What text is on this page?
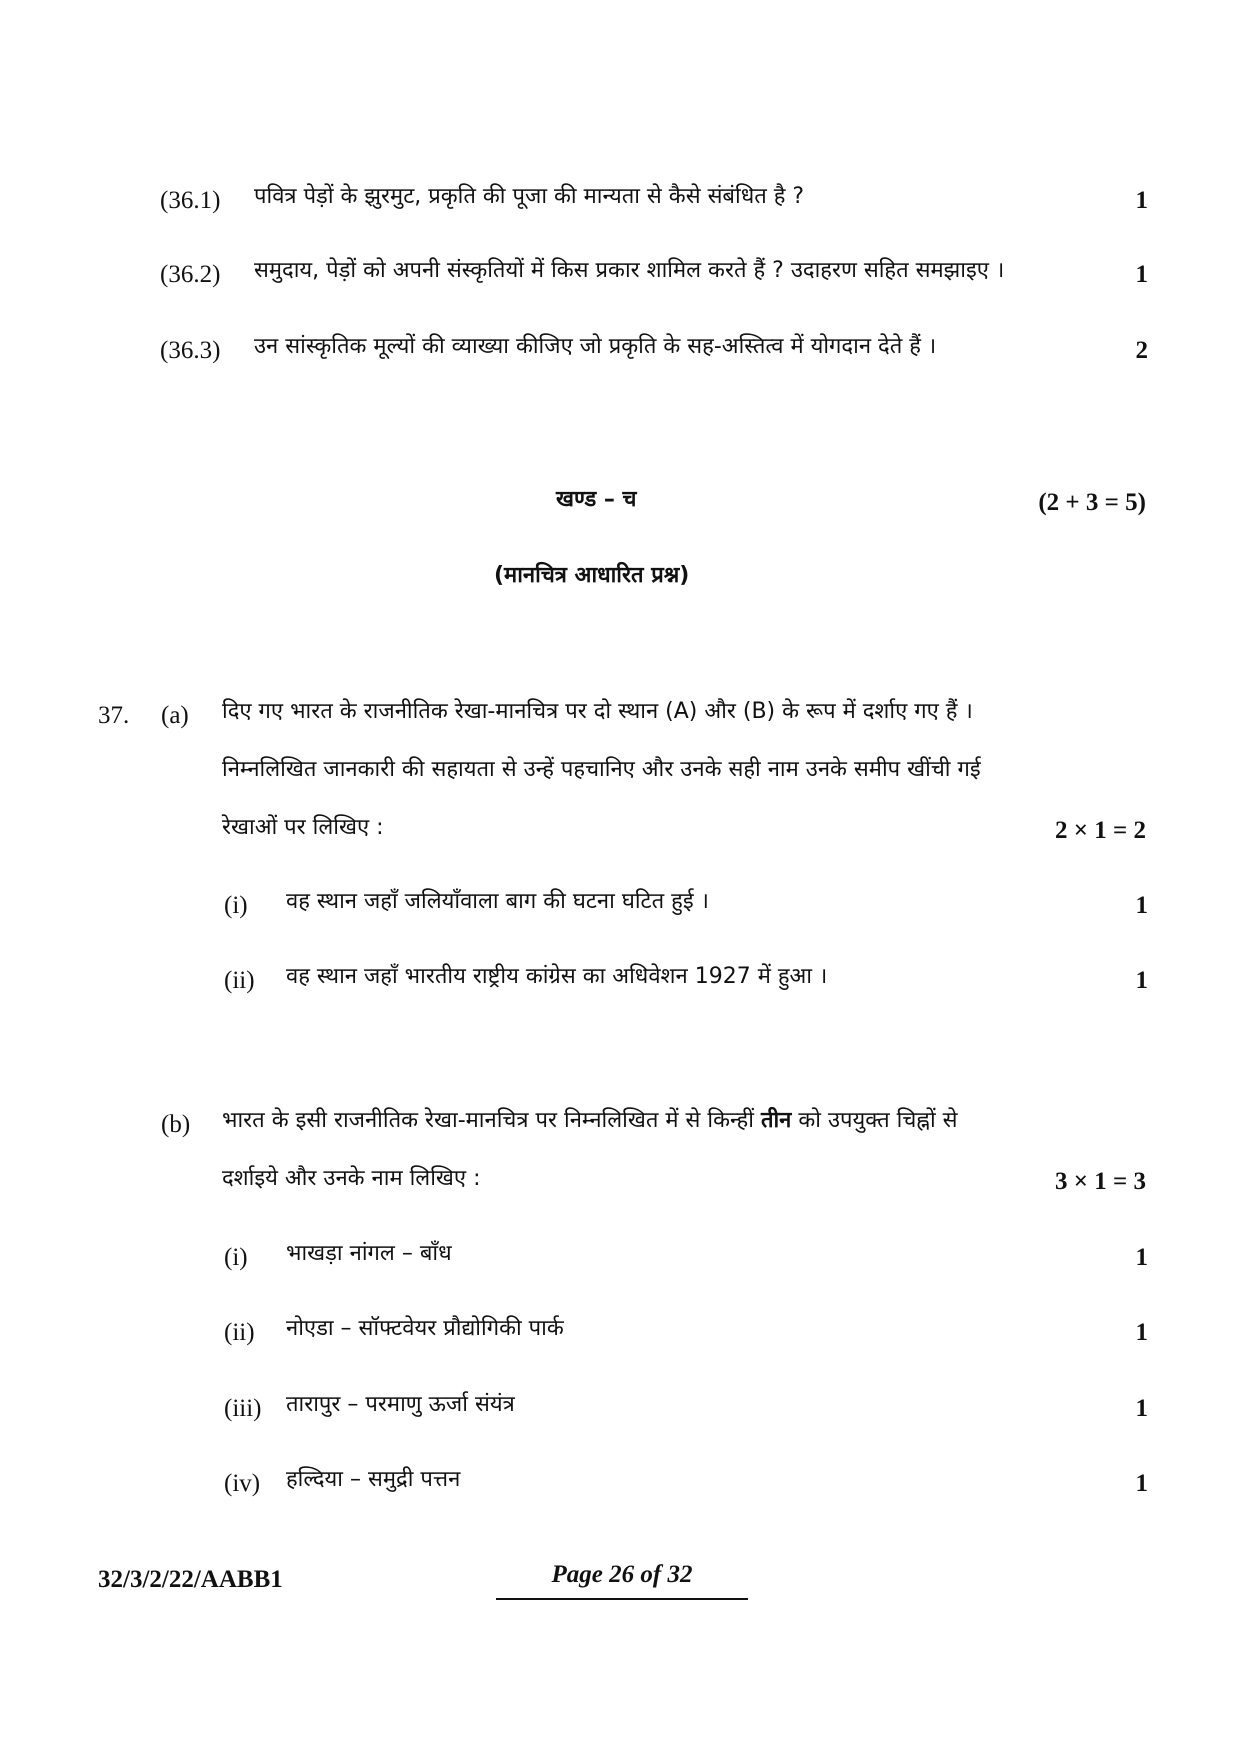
(36.1) पवित्र पेड़ों के झुरमुट, प्रकृति की पूजा की मान्यता से कैसे संबंधित है ?	1
(36.2) समुदाय, पेड़ों को अपनी संस्कृतियों में किस प्रकार शामिल करते हैं ? उदाहरण सहित समझाइए ।	1
(36.3) उन सांस्कृतिक मूल्यों की व्याख्या कीजिए जो प्रकृति के सह-अस्तित्व में योगदान देते हैं ।	2
खण्ड – च	(2 + 3 = 5)
(मानचित्र आधारित प्रश्न)
37. (a) दिए गए भारत के राजनीतिक रेखा-मानचित्र पर दो स्थान (A) और (B) के रूप में दर्शाए गए हैं ।
निम्नलिखित जानकारी की सहायता से उन्हें पहचानिए और उनके सही नाम उनके समीप खींची गई
रेखाओं पर लिखिए :	2 × 1 = 2
(i) वह स्थान जहाँ जलियाँवाला बाग की घटना घटित हुई ।	1
(ii) वह स्थान जहाँ भारतीय राष्ट्रीय कांग्रेस का अधिवेशन 1927 में हुआ ।	1
(b) भारत के इसी राजनीतिक रेखा-मानचित्र पर निम्नलिखित में से किन्हीं तीन को उपयुक्त चिह्नों से
दर्शाइये और उनके नाम लिखिए :	3 × 1 = 3
(i) भाखड़ा नांगल – बाँध	1
(ii) नोएडा – सॉफ्टवेयर प्रौद्योगिकी पार्क	1
(iii) तारापुर – परमाणु ऊर्जा संयंत्र	1
(iv) हल्दिया – समुद्री पत्तन	1
32/3/2/22/AABB1	Page 26 of 32
